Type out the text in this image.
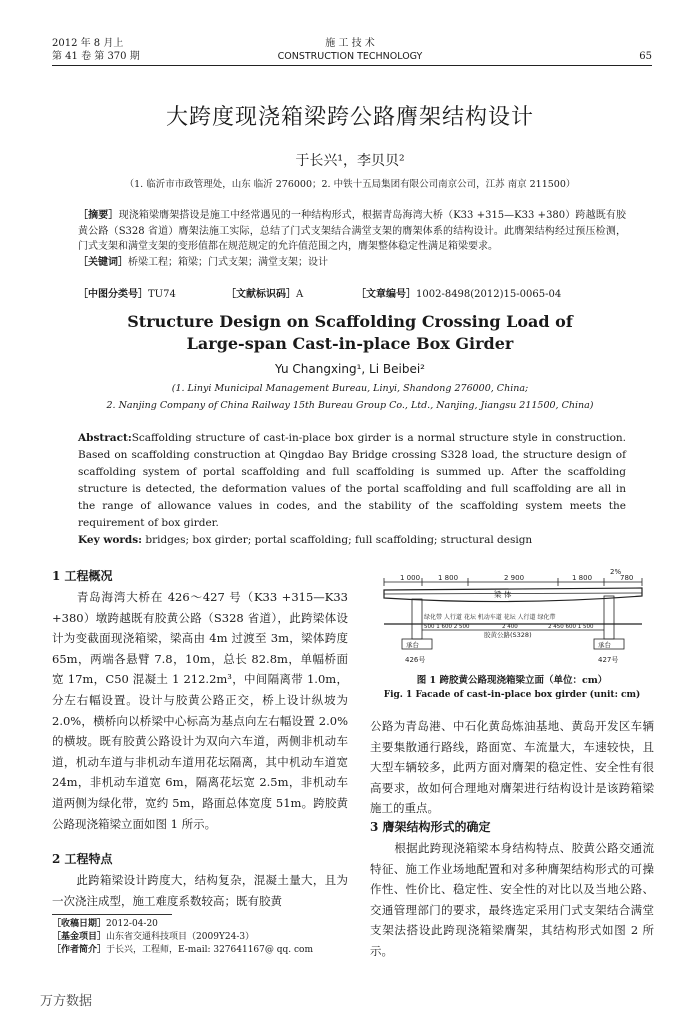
2012 年 8 月上
第 41 卷 第 370 期
施 工 技 术
CONSTRUCTION TECHNOLOGY	65
大跨度现浇箱梁跨公路膺架结构设计
于长兴¹，李贝贝²
（1. 临沂市市政管理处，山东 临沂 276000；2. 中铁十五局集团有限公司南京公司，江苏 南京 211500）
［摘要］现浇箱梁膺架搭设是施工中经常遇见的一种结构形式，根据青岛海湾大桥（K33 +315—K33 +380）跨越既有胶黄公路（S328 省道）膺架法施工实际，总结了门式支架结合满堂支架的膺架体系的结构设计。此膺架结构经过预压检测，门式支架和满堂支架的变形值都在规范规定的允许值范围之内，膺架整体稳定性满足箱梁要求。
［关键词］桥梁工程；箱梁；门式支架；满堂支架；设计
［中图分类号］TU74	［文献标识码］A	［文章编号］1002-8498(2012)15-0065-04
Structure Design on Scaffolding Crossing Load of
Large-span Cast-in-place Box Girder
Yu Changxing¹, Li Beibei²
(1. Linyi Municipal Management Bureau, Linyi, Shandong 276000, China;
2. Nanjing Company of China Railway 15th Bureau Group Co., Ltd., Nanjing, Jiangsu 211500, China)
Abstract:Scaffolding structure of cast-in-place box girder is a normal structure style in construction. Based on scaffolding construction at Qingdao Bay Bridge crossing S328 load, the structure design of scaffolding system of portal scaffolding and full scaffolding is summed up. After the scaffolding structure is detected, the deformation values of the portal scaffolding and full scaffolding are all in the range of allowance values in codes, and the stability of the scaffolding system meets the requirement of box girder.
Key words: bridges; box girder; portal scaffolding; full scaffolding; structural design
1 工程概况
青岛海湾大桥在 426～427 号（K33 +315—K33 +380）墩跨越既有胶黄公路（S328 省道），此跨梁体设计为变截面现浇箱梁，梁高由 4m 过渡至 3m，梁体跨度 65m，两端各悬臂 7.8，10m，总长 82.8m，单幅桥面宽 17m，C50 混凝土 1 212.2m³，中间隔离带 1.0m，分左右幅设置。设计与胶黄公路正交，桥上设计纵坡为 2.0%，横桥向以桥梁中心标高为基点向左右幅设置 2.0% 的横坡。既有胶黄公路设计为双向六车道，两侧非机动车道，机动车道与非机动车道用花坛隔离，其中机动车道宽 24m，非机动车道宽 6m，隔离花坛宽 2.5m，非机动车道两侧为绿化带，宽约 5m，路面总体宽度 51m。跨胶黄公路现浇箱梁立面如图 1 所示。
2 工程特点
此跨箱梁设计跨度大，结构复杂，混凝土量大，且为一次浇注成型，施工难度系数较高；既有胶黄
［收稿日期］2012-04-20
［基金项目］山东省交通科技项目（2009Y24-3）
［作者简介］于长兴，工程师，E-mail: 327641167@ qq. com
2%
1 000	1 800	2 900	1 800	780
梁 体
绿化带 人行道 花坛 机动车道 花坛 人行道 绿化带
500 1 600 2 500	2 400	2 450 600 1 500
胶黄公路(S328)
承台	承台
426号	427号
图 1 跨胶黄公路现浇箱梁立面（单位：cm）
Fig. 1 Facade of cast-in-place box girder (unit: cm)
公路为青岛港、中石化黄岛炼油基地、黄岛开发区车辆主要集散通行路线，路面宽、车流量大，车速较快，且大型车辆较多，此两方面对膺架的稳定性、安全性有很高要求，故如何合理地对膺架进行结构设计是该跨箱梁施工的重点。
3 膺架结构形式的确定
根据此跨现浇箱梁本身结构特点、胶黄公路交通流特征、施工作业场地配置和对多种膺架结构形式的可操作性、性价比、稳定性、安全性的对比以及当地公路、交通管理部门的要求，最终选定采用门式支架结合满堂支架法搭设此跨现浇箱梁膺架，其结构形式如图 2 所示。
万方数据
